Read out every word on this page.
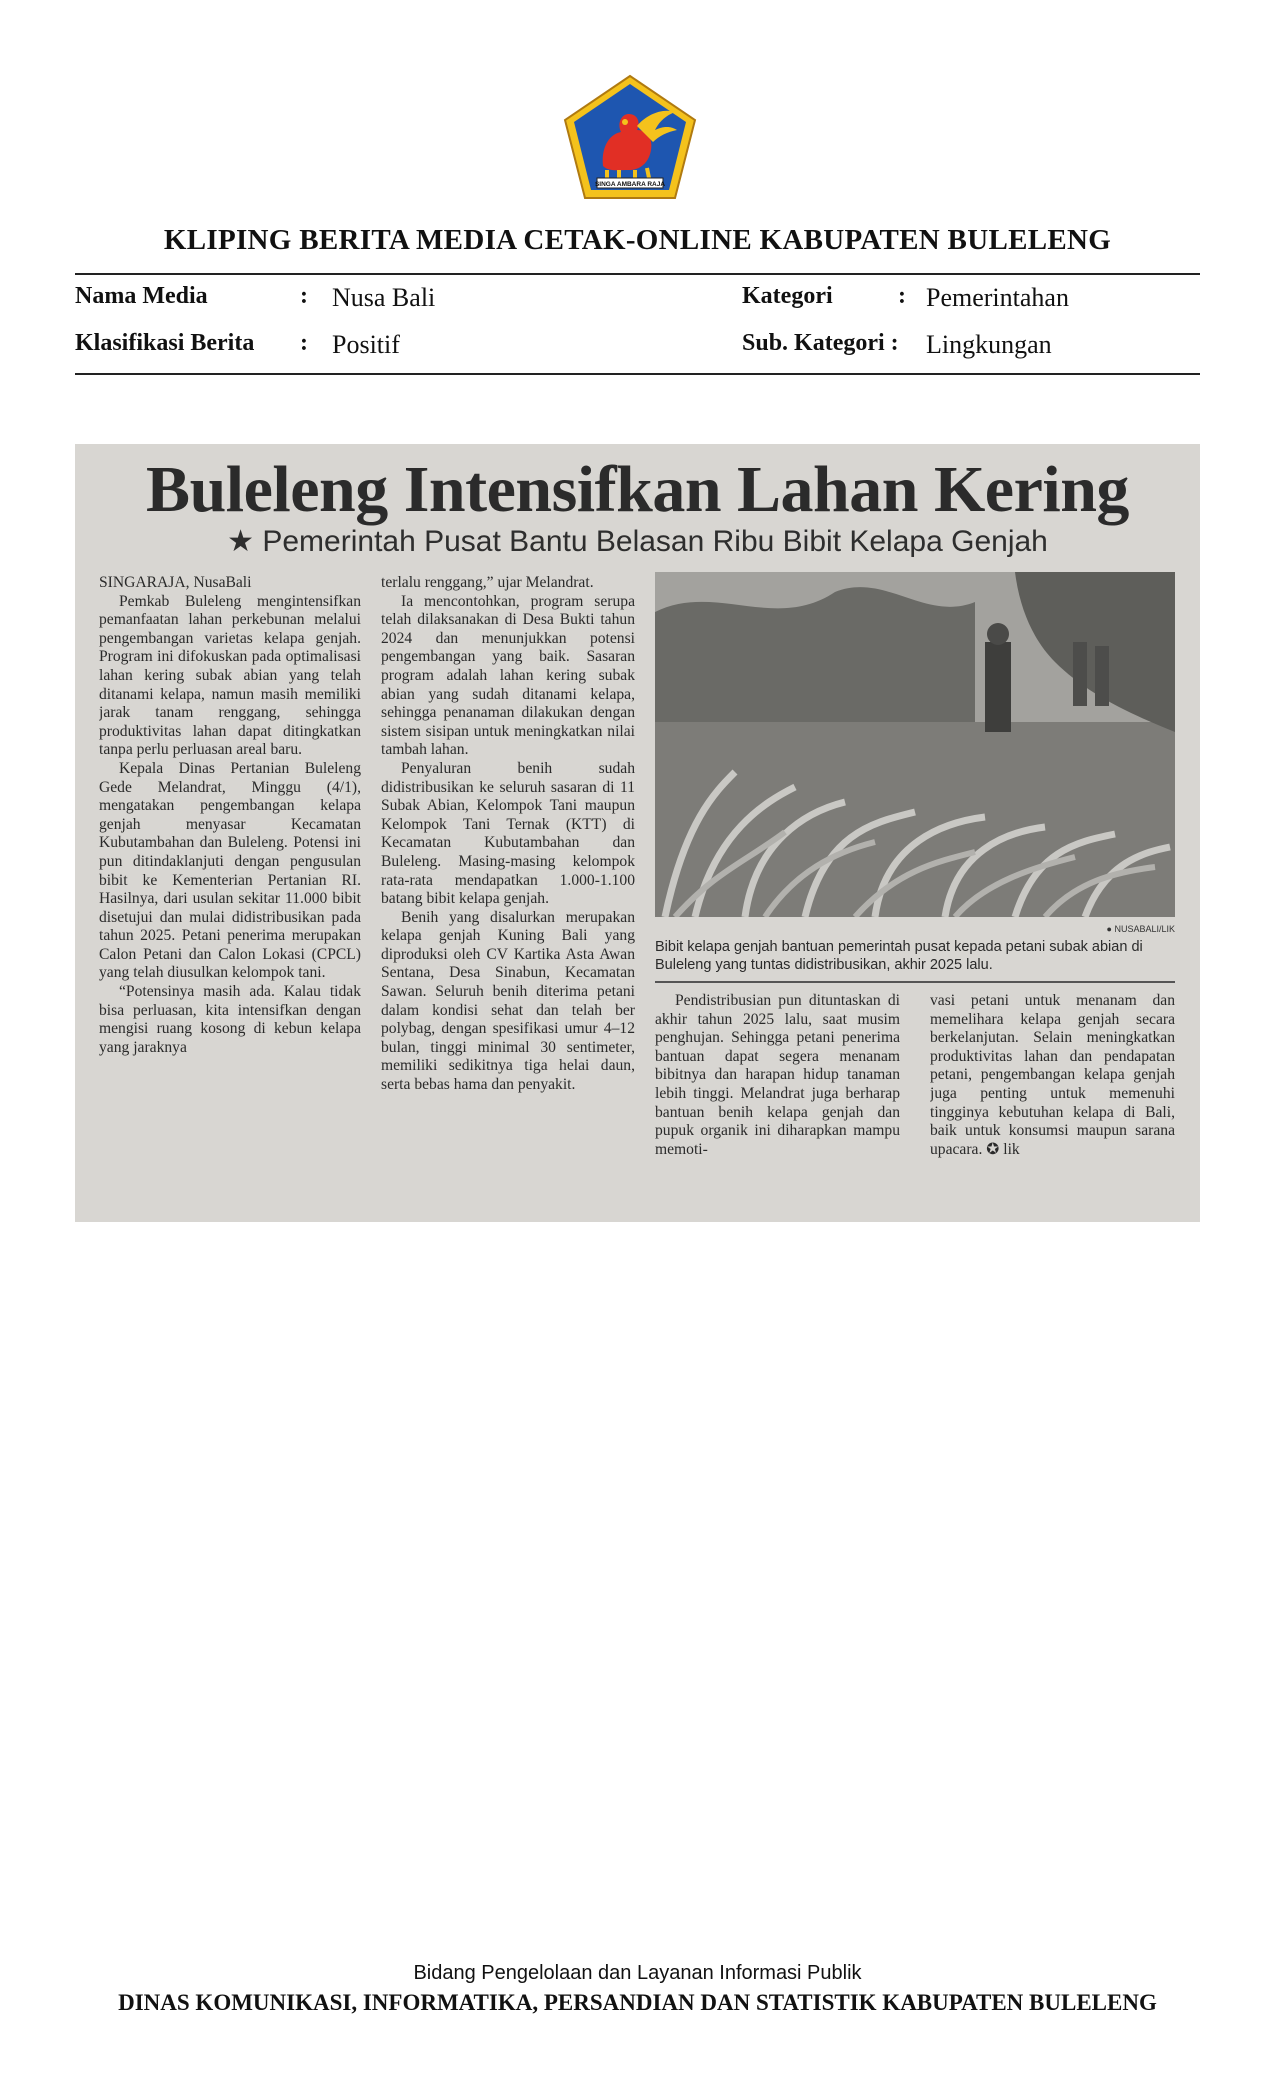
SINGA AMBARA RAJA
KLIPING BERITA MEDIA CETAK-ONLINE KABUPATEN BULELENG
Nama Media	: Nusa Bali
Klasifikasi Berita : Positif
Kategori	: Pemerintahan
Sub. Kategori : Lingkungan
Buleleng Intensifkan Lahan Kering
★ Pemerintah Pusat Bantu Belasan Ribu Bibit Kelapa Genjah

SINGARAJA, NusaBali

Pemkab Buleleng mengintensifkan pemanfaatan lahan perkebunan melalui pengembangan varietas kelapa genjah. Program ini difokuskan pada optimalisasi lahan kering subak abian yang telah ditanami kelapa, namun masih memiliki jarak tanam renggang, sehingga produktivitas lahan dapat ditingkatkan tanpa perlu perluasan areal baru.

Kepala Dinas Pertanian Buleleng Gede Melandrat, Minggu (4/1), mengatakan pengembangan kelapa genjah menyasar Kecamatan Kubutambahan dan Buleleng. Potensi ini pun ditindaklanjuti dengan pengusulan bibit ke Kementerian Pertanian RI. Hasilnya, dari usulan sekitar 11.000 bibit disetujui dan mulai didistribusikan pada tahun 2025. Petani penerima merupakan Calon Petani dan Calon Lokasi (CPCL) yang telah diusulkan kelompok tani.

“Potensinya masih ada. Kalau tidak bisa perluasan, kita intensifkan dengan mengisi ruang kosong di kebun kelapa yang jaraknya

terlalu renggang,” ujar Melandrat.

Ia mencontohkan, program serupa telah dilaksanakan di Desa Bukti tahun 2024 dan menunjukkan potensi pengembangan yang baik. Sasaran program adalah lahan kering subak abian yang sudah ditanami kelapa, sehingga penanaman dilakukan dengan sistem sisipan untuk meningkatkan nilai tambah lahan.

Penyaluran benih sudah didistribusikan ke seluruh sasaran di 11 Subak Abian, Kelompok Tani maupun Kelompok Tani Ternak (KTT) di Kecamatan Kubutambahan dan Buleleng. Masing-masing kelompok rata-rata mendapatkan 1.000-1.100 batang bibit kelapa genjah.

Benih yang disalurkan merupakan kelapa genjah Kuning Bali yang diproduksi oleh CV Kartika Asta Awan Sentana, Desa Sinabun, Kecamatan Sawan. Seluruh benih diterima petani dalam kondisi sehat dan telah ber polybag, dengan spesifikasi umur 4–12 bulan, tinggi minimal 30 sentimeter, memiliki sedikitnya tiga helai daun, serta bebas hama dan penyakit.

● NUSABALI/LIK
Bibit kelapa genjah bantuan pemerintah pusat kepada petani subak abian di Buleleng yang tuntas didistribusikan, akhir 2025 lalu.

Pendistribusian pun dituntaskan di akhir tahun 2025 lalu, saat musim penghujan. Sehingga petani penerima bantuan dapat segera menanam bibitnya dan harapan hidup tanaman lebih tinggi. Melandrat juga berharap bantuan benih kelapa genjah dan pupuk organik ini diharapkan mampu memoti-

vasi petani untuk menanam dan memelihara kelapa genjah secara berkelanjutan. Selain meningkatkan produktivitas lahan dan pendapatan petani, pengembangan kelapa genjah juga penting untuk memenuhi tingginya kebutuhan kelapa di Bali, baik untuk konsumsi maupun sarana upacara. ✪ lik

Bidang Pengelolaan dan Layanan Informasi Publik
DINAS KOMUNIKASI, INFORMATIKA, PERSANDIAN DAN STATISTIK KABUPATEN BULELENG
